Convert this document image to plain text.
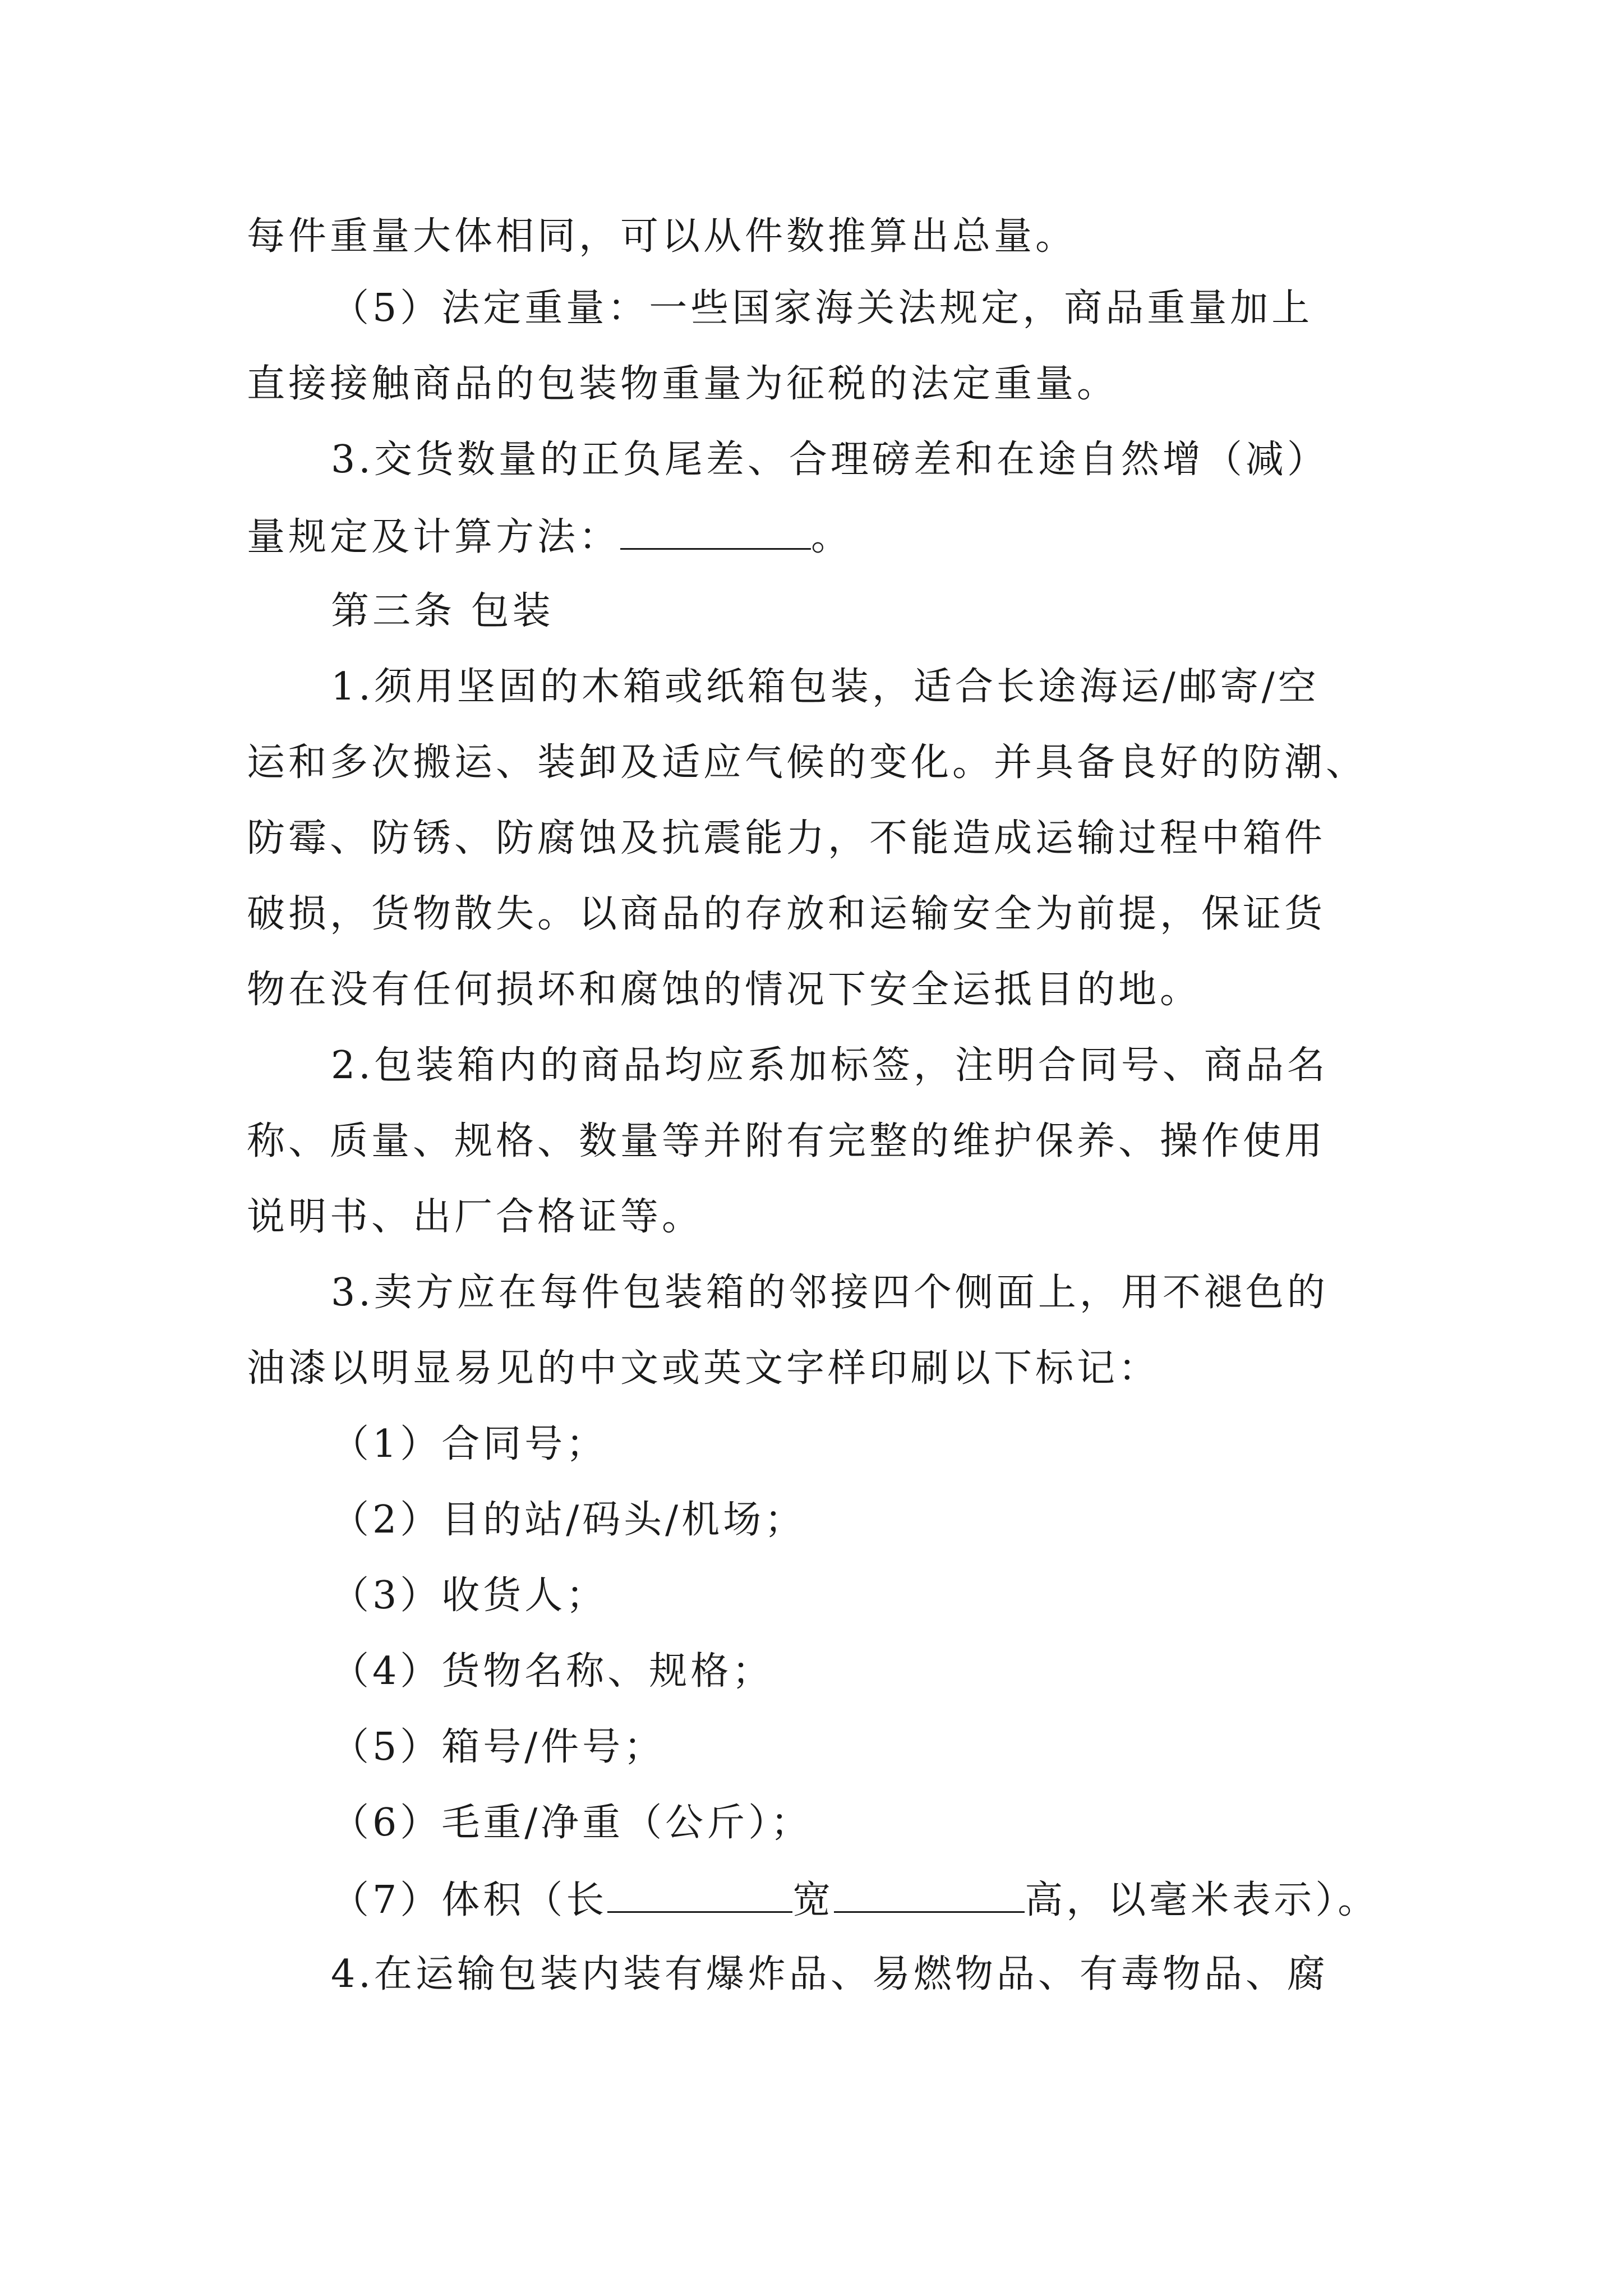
每件重量大体相同，可以从件数推算出总量。
（5）法定重量：一些国家海关法规定，商品重量加上
直接接触商品的包装物重量为征税的法定重量。
3.交货数量的正负尾差、合理磅差和在途自然增（减）
量规定及计算方法：	。
第三条 包装
1.须用坚固的木箱或纸箱包装，适合长途海运/邮寄/空
运和多次搬运、装卸及适应气候的变化。并具备良好的防潮、
防霉、防锈、防腐蚀及抗震能力，不能造成运输过程中箱件
破损，货物散失。以商品的存放和运输安全为前提，保证货
物在没有任何损坏和腐蚀的情况下安全运抵目的地。
2.包装箱内的商品均应系加标签，注明合同号、商品名
称、质量、规格、数量等并附有完整的维护保养、操作使用
说明书、出厂合格证等。
3.卖方应在每件包装箱的邻接四个侧面上，用不褪色的
油漆以明显易见的中文或英文字样印刷以下标记：
（1）合同号；
（2）目的站/码头/机场；
（3）收货人；
（4）货物名称、规格；
（5）箱号/件号；
（6）毛重/净重（公斤）；
（7）体积（长	宽	高，以毫米表示）。
4.在运输包装内装有爆炸品、易燃物品、有毒物品、腐
